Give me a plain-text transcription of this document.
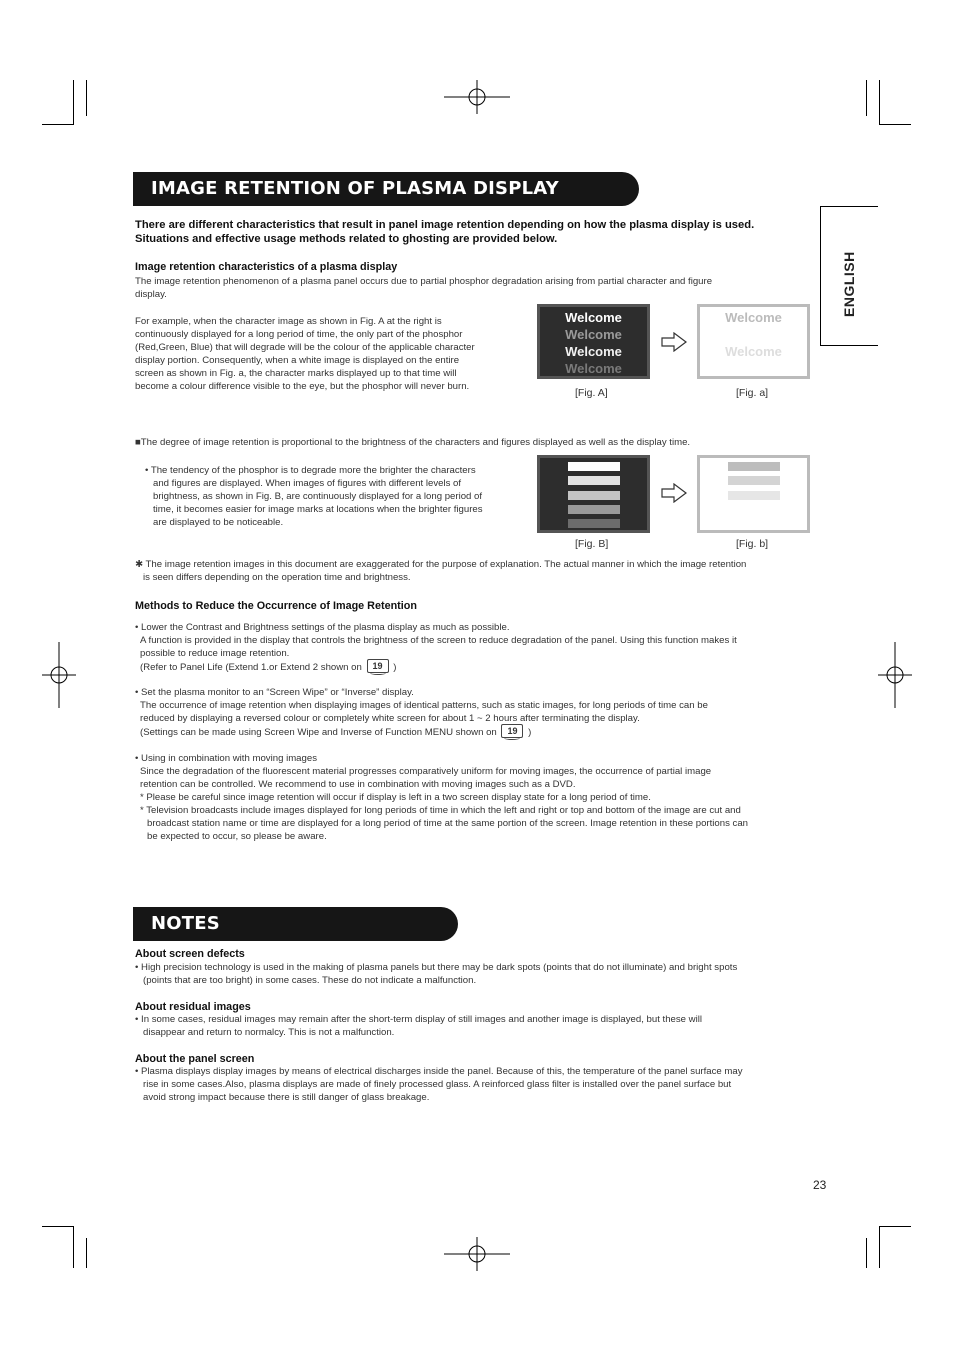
ENGLISH
IMAGE RETENTION OF PLASMA DISPLAY
There are different characteristics that result in panel image retention depending on how the plasma display is used.
Situations and effective usage methods related to ghosting are provided below.
Image retention characteristics of a plasma display
The image retention phenomenon of a plasma panel occurs due to partial phosphor degradation arising from partial character and figure
display.
For example, when the character image as shown in Fig. A at the right is
continuously displayed for a long period of time, the only part of the phosphor
(Red,Green, Blue) that will degrade will be the colour of the applicable character
display portion. Consequently, when a white image is displayed on the entire
screen as shown in Fig. a, the character marks displayed up to that time will
become a colour difference visible to the eye, but the phosphor will never burn.
Welcome
Welcome
Welcome
Welcome
Welcome
Welcome
[Fig. A]	[Fig. a]
■The degree of image retention is proportional to the brightness of the characters and figures displayed as well as the display time.
• The tendency of the phosphor is to degrade more the brighter the characters
and figures are displayed. When images of figures with different levels of
brightness, as shown in Fig. B, are continuously displayed for a long period of
time, it becomes easier for image marks at locations when the brighter figures
are displayed to be noticeable.
[Fig. B]	[Fig. b]
✱ The image retention images in this document are exaggerated for the purpose of explanation. The actual manner in which the image retention
is seen differs depending on the operation time and brightness.
Methods to Reduce the Occurrence of Image Retention
• Lower the Contrast and Brightness settings of the plasma display as much as possible.
A function is provided in the display that controls the brightness of the screen to reduce degradation of the panel. Using this function makes it
possible to reduce image retention.
(Refer to Panel Life (Extend 1.or Extend 2 shown on 19 )
• Set the plasma monitor to an “Screen Wipe” or “Inverse” display.
The occurrence of image retention when displaying images of identical patterns, such as static images, for long periods of time can be
reduced by displaying a reversed colour or completely white screen for about 1 ~ 2 hours after terminating the display.
(Settings can be made using Screen Wipe and Inverse of Function MENU shown on 19 )
• Using in combination with moving images
Since the degradation of the fluorescent material progresses comparatively uniform for moving images, the occurrence of partial image
retention can be controlled. We recommend to use in combination with moving images such as a DVD.
* Please be careful since image retention will occur if display is left in a two screen display state for a long period of time.
* Television broadcasts include images displayed for long periods of time in which the left and right or top and bottom of the image are cut and
broadcast station name or time are displayed for a long period of time at the same portion of the screen. Image retention in these portions can
be expected to occur, so please be aware.
NOTES
About screen defects
• High precision technology is used in the making of plasma panels but there may be dark spots (points that do not illuminate) and bright spots
(points that are too bright) in some cases. These do not indicate a malfunction.
About residual images
• In some cases, residual images may remain after the short-term display of still images and another image is displayed, but these will
disappear and return to normalcy. This is not a malfunction.
About the panel screen
• Plasma displays display images by means of electrical discharges inside the panel. Because of this, the temperature of the panel surface may
rise in some cases.Also, plasma displays are made of finely processed glass. A reinforced glass filter is installed over the panel surface but
avoid strong impact because there is still danger of glass breakage.
23
